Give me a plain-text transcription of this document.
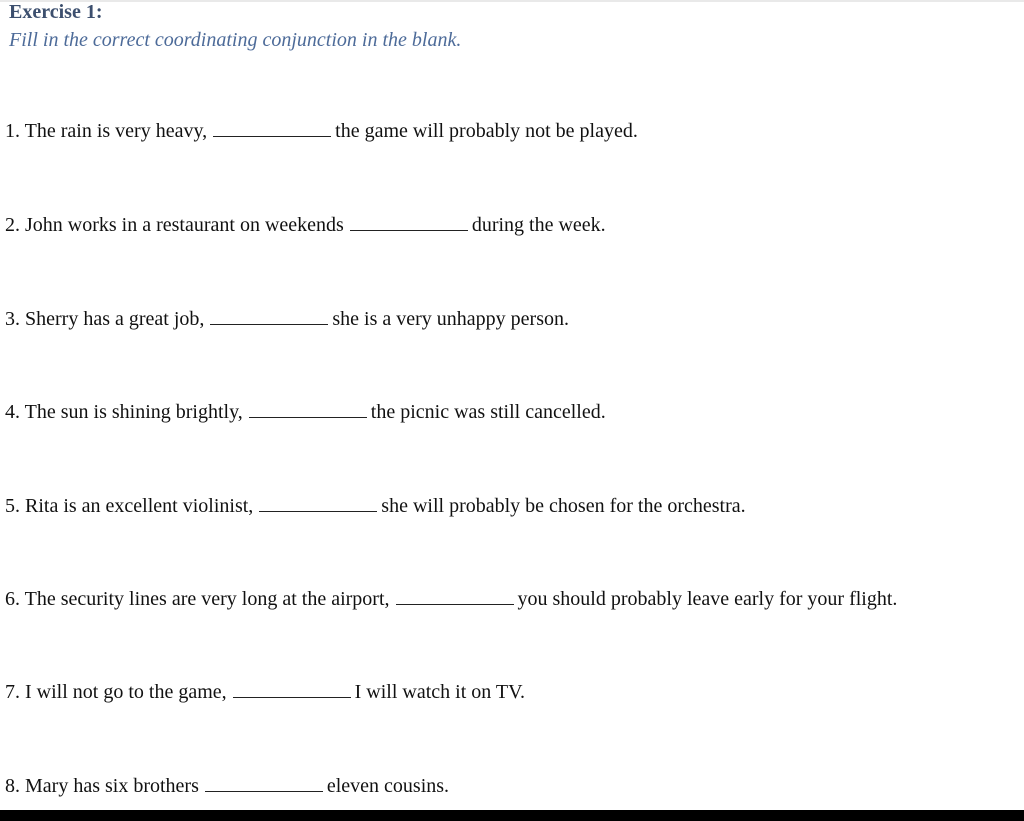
Exercise 1:
Fill in the correct coordinating conjunction in the blank.
1. The rain is very heavy,	the game will probably not be played.
2. John works in a restaurant on weekends	during the week.
3. Sherry has a great job,	she is a very unhappy person.
4. The sun is shining brightly,	the picnic was still cancelled.
5. Rita is an excellent violinist,	she will probably be chosen for the orchestra.
6. The security lines are very long at the airport,	you should probably leave early for your flight.
7. I will not go to the game,	I will watch it on TV.
8. Mary has six brothers	eleven cousins.
